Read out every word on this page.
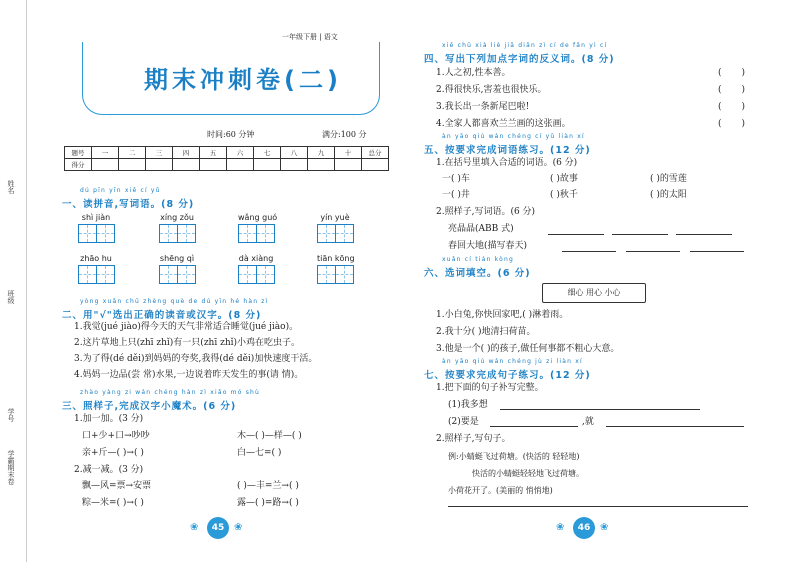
姓名
班级
学号
学霸期末卷
一年级下册 | 语文
期末冲刺卷(二)
时间:60 分钟	满分:100 分
题号	一	二	三	四	五	六	七	八	九	十	总分
得分											
dú pīn yīn xiě cí yǔ
一、读拼音,写词语。(8 分)
shì jiàn	xíng zǒu	wǎng guó	yín yuè
zhāo hu	shēng qì	dà xiàng	tiān kōng
yòng xuǎn chū zhèng què de dú yīn hé hàn zì
二、用"√"选出正确的读音或汉字。(8 分)
1.我觉(jué jiào)得今天的天气非常适合睡觉(jué jiào)。
2.这片草地上只(zhī zhǐ)有一只(zhī zhǐ)小鸡在吃虫子。
3.为了得(dé děi)到妈妈的夸奖,我得(dé děi)加快速度干活。
4.妈妈一边品(尝 常)水果,一边说着昨天发生的事(请 情)。
zhào yàng zi wán chéng hàn zì xiǎo mó shù
三、照样子,完成汉字小魔术。(6 分)
1.加一加。(3 分)
口+少+口→吵吵	木—( )—样—( )
亲+斤—( )→( )	白—七=( )
2.减一减。(3 分)
飘—风=票→安票	( )—丰=兰→( )
粽—米=( )→( )	露—( )=路→( )
❀	45 ❀
xiě chū xià liè jiā diǎn zì cí de fǎn yì cí
四、写出下列加点字词的反义词。(8 分)
1.人之初,性本善。	(       )
2.得很快乐,害羞也很快乐。	(       )
3.我长出一条新尾巴啦!	(       )
4.全家人都喜欢兰兰画的这张画。	(       )
àn yāo qiú wán chéng cí yǔ liàn xí
五、按要求完成词语练习。(12 分)
1.在括号里填入合适的词语。(6 分)
一( )车	( )故事	( )的雪莲
一( )井	( )秋千	( )的太阳
2.照样子,写词语。(6 分)
亮晶晶(ABB 式)
春回大地(描写春天)
xuǎn cí tián kòng
六、选词填空。(6 分)
细心 用心 小心
1.小白兔,你快回家吧,( )淋着雨。
2.我十分( )地清扫荷苗。
3.他是一个( )的孩子,做任何事都不粗心大意。
àn yāo qiú wán chéng jù zi liàn xí
七、按要求完成句子练习。(12 分)
1.把下面的句子补写完整。
(1)我多想
(2)要是	,就
2.照样子,写句子。
例:小蜻蜓飞过荷塘。(快活的 轻轻地)
快活的小蜻蜓轻轻地飞过荷塘。
小荷花开了。(美丽的 悄悄地)
❀	46 ❀
